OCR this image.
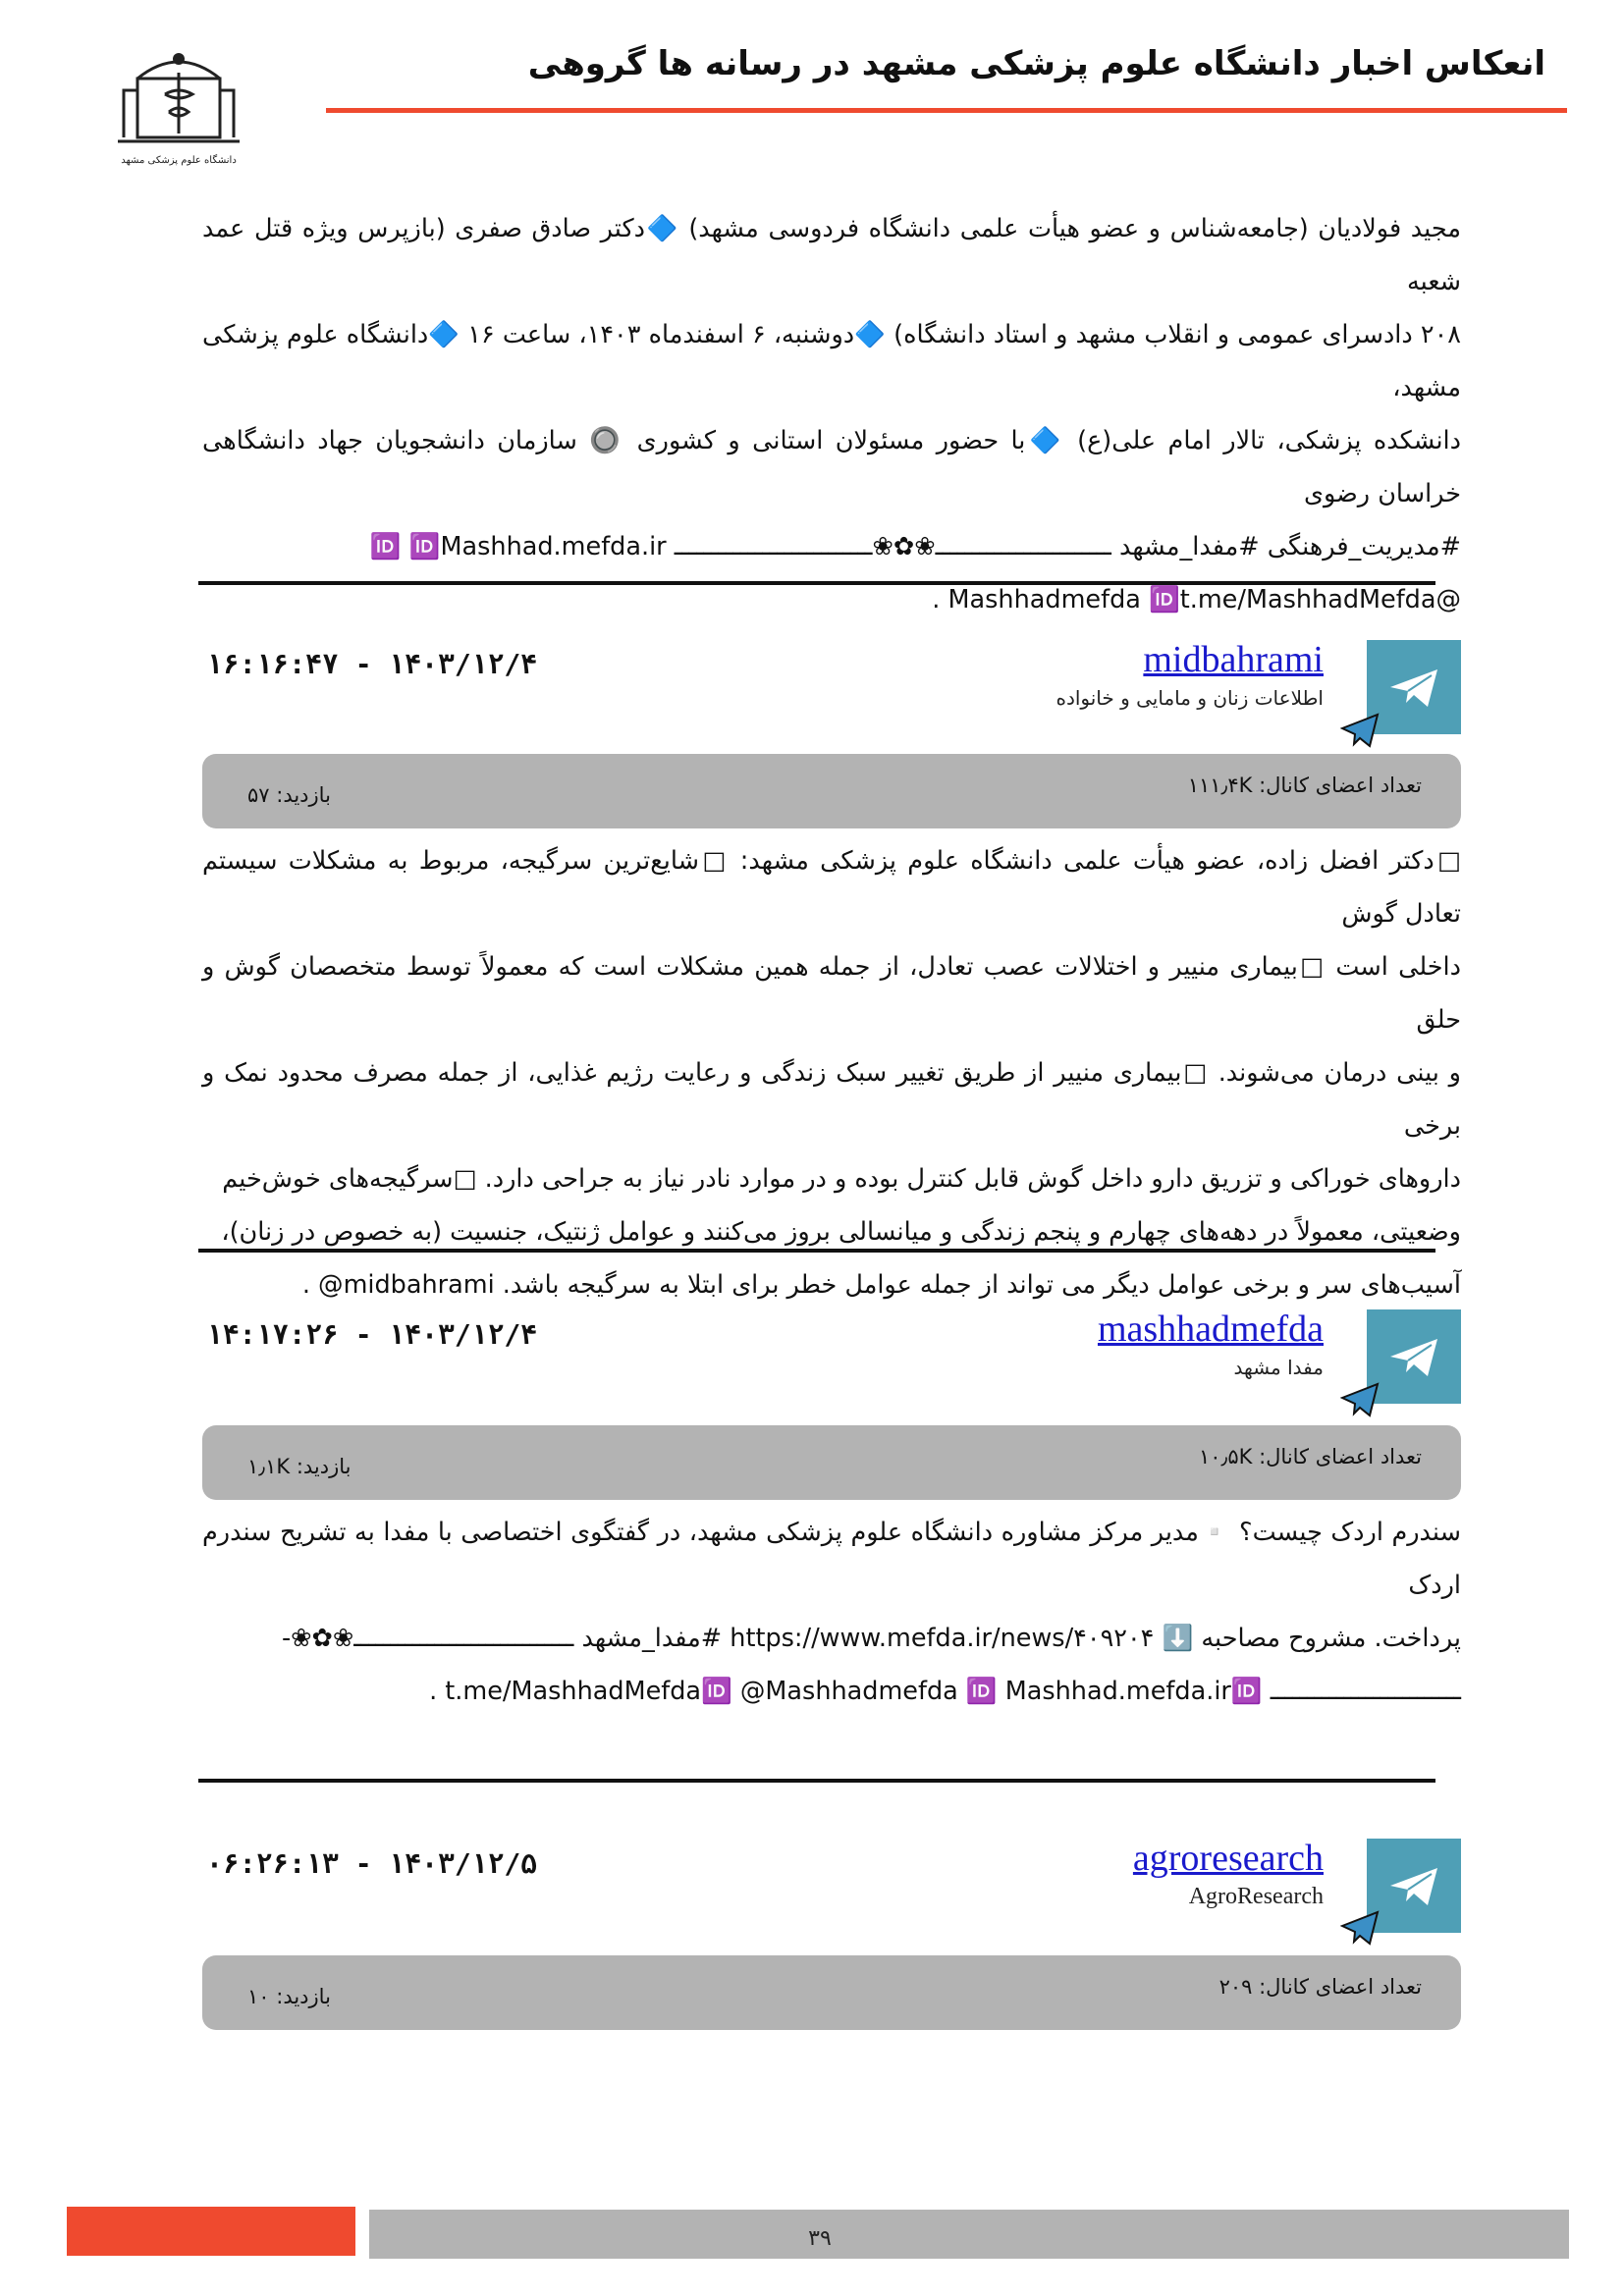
دانشگاه علوم پزشکی مشهد
انعکاس اخبار دانشگاه علوم پزشکی مشهد در رسانه ها گروهی

مجید فولادیان (جامعه‌شناس و عضو هیأت علمی دانشگاه فردوسی مشهد) 🔷دکتر صادق صفری (بازپرس ویژه قتل عمد شعبه

۲۰۸ دادسرای عمومی و انقلاب مشهد و استاد دانشگاه) 🔷دوشنبه، ۶ اسفندماه ۱۴۰۳، ساعت ۱۶ 🔷دانشگاه علوم پزشکی مشهد،

دانشکده پزشکی، تالار امام علی(ع) 🔷با حضور مسئولان استانی و کشوری 🔘 سازمان دانشجویان جهاد دانشگاهی خراسان رضوی

#مدیریت_فرهنگی #مفدا_مشهد ــــــــــــــــــــــــ❀✿❀ـــــــــــــــــــــــــــ 🆔 🆔Mashhad.mefda.ir

@Mashhadmefda 🆔t.me/MashhadMefda .

midbahrami
اطلاعات زنان و مامایی و خانواده
۱۶:۱۶:۴۷ - ۱۴۰۳/۱۲/۴
تعداد اعضای کانال: ۱۱۱٫۴K
بازدید: ۵۷

□دکتر افضل زاده، عضو هیأت علمی دانشگاه علوم پزشکی مشهد: □شایع‌ترین سرگیجه، مربوط به مشکلات سیستم تعادل گوش

داخلی است □بیماری منییر و اختلالات عصب تعادل، از جمله همین مشکلات است که معمولاً توسط متخصصان گوش و حلق

و بینی درمان می‌شوند. □بیماری منییر از طریق تغییر سبک زندگی و رعایت رژیم غذایی، از جمله مصرف محدود نمک و برخی

داروهای خوراکی و تزریق دارو داخل گوش قابل کنترل بوده و در موارد نادر نیاز به جراحی دارد. □سرگیجه‌های خوش‌خیم

وضعیتی، معمولاً در دهه‌های چهارم و پنجم زندگی و میانسالی بروز می‌کنند و عوامل ژنتیک، جنسیت (به خصوص در زنان)،

آسیب‌های سر و برخی عوامل دیگر می تواند از جمله عوامل خطر برای ابتلا به سرگیجه باشد. midbahrami@ .

mashhadmefda
مفدا مشهد
۱۴:۱۷:۲۶ - ۱۴۰۳/۱۲/۴
تعداد اعضای کانال: ۱۰٫۵K
بازدید: ۱٫۱K

سندرم اردک چیست؟ ▫️مدیر مرکز مشاوره دانشگاه علوم پزشکی مشهد، در گفتگوی اختصاصی با مفدا به تشریح سندرم اردک

پرداخت. مشروح مصاحبه ⬇️ https://www.mefda.ir/news/۴۰۹۲۰۴ #مفدا_مشهد ــــــــــــــــــــــــــــــ❀✿❀-

ــــــــــــــــــــــــــ t.me/MashhadMefda🆔 @Mashhadmefda 🆔 Mashhad.mefda.ir🆔 .

agroresearch
AgroResearch
۰۶:۲۶:۱۳ - ۱۴۰۳/۱۲/۵
تعداد اعضای کانال: ۲۰۹
بازدید: ۱۰
۳۹
